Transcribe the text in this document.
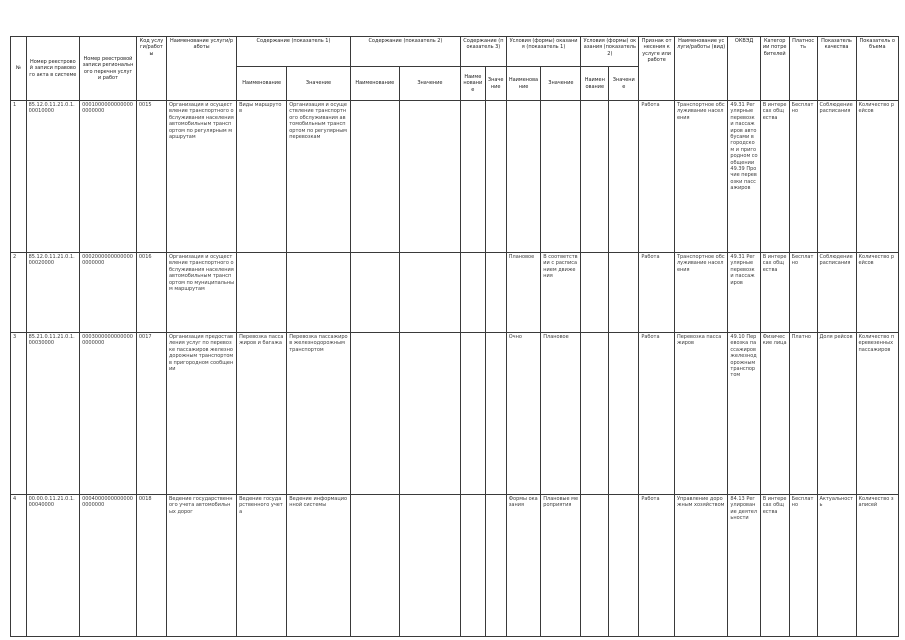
№	Номер реестровой записи правового акта в системе	Номер реестровой записи регионального перечня услуг и работ	Код услуги/работы	Наименование услуги/работы	Содержание (показатель 1)		Содержание (показатель 2)		Содержание (показатель 3)		Условия (формы) оказания (показатель 1)		Условия (формы) оказания (показатель 2)		Признак отнесения к услуге или работе	Наименование услуги/работы (вид)	ОКВЭД	Категории потребителей	Платность	Показатель качества	Показатель объема
					Наименование	Значение	Наименование	Значение	Наименование	Значение	Наименование	Значение	Наименование	Значение							
1	85.12.0.11.21.0.1.00010000	00010000000000000000000	0015	Организация и осуществление транспортного обслуживания населения автомобильным транспортом по регулярным маршрутам	Виды маршрутов	Организация и осуществление транспортного обслуживания автомобильным транспортом по регулярным перевозкам									Работа	Транспортное обслуживание населения	49.31 Регулярные перевозки пассажиров автобусами в городском и пригородном сообщении 49.39 Прочие перевозки пассажиров	В интересах общества	Бесплатно	Соблюдение расписания	Количество рейсов
2	85.12.0.11.21.0.1.00020000	00020000000000000000000	0016	Организация и осуществление транспортного обслуживания населения автомобильным транспортом по муниципальным маршрутам							Плановое	В соответствии с расписанием движения			Работа	Транспортное обслуживание населения	49.31 Регулярные перевозки пассажиров	В интересах общества	Бесплатно	Соблюдение расписания	Количество рейсов
3	85.21.0.11.21.0.1.00030000	00030000000000000000000	0017	Организация предоставления услуг по перевозке пассажиров железнодорожным транспортом в пригородном сообщении	Перевозка пассажиров и багажа	Перевозка пассажиров железнодорожным транспортом					Очно	Плановое			Работа	Перевозка пассажиров	49.10 Перевозка пассажиров железнодорожным транспортом	Физические лица	Платно	Доля рейсов	Количество перевезенных пассажиров
4	00.00.0.11.21.0.1.00040000	00040000000000000000000	0018	Ведение государственного учета автомобильных дорог	Ведение государственного учета	Ведение информационной системы					Формы оказания	Плановые мероприятия			Работа	Управление дорожным хозяйством	84.13 Регулирование деятельности	В интересах общества	Бесплатно	Актуальность	Количество записей
